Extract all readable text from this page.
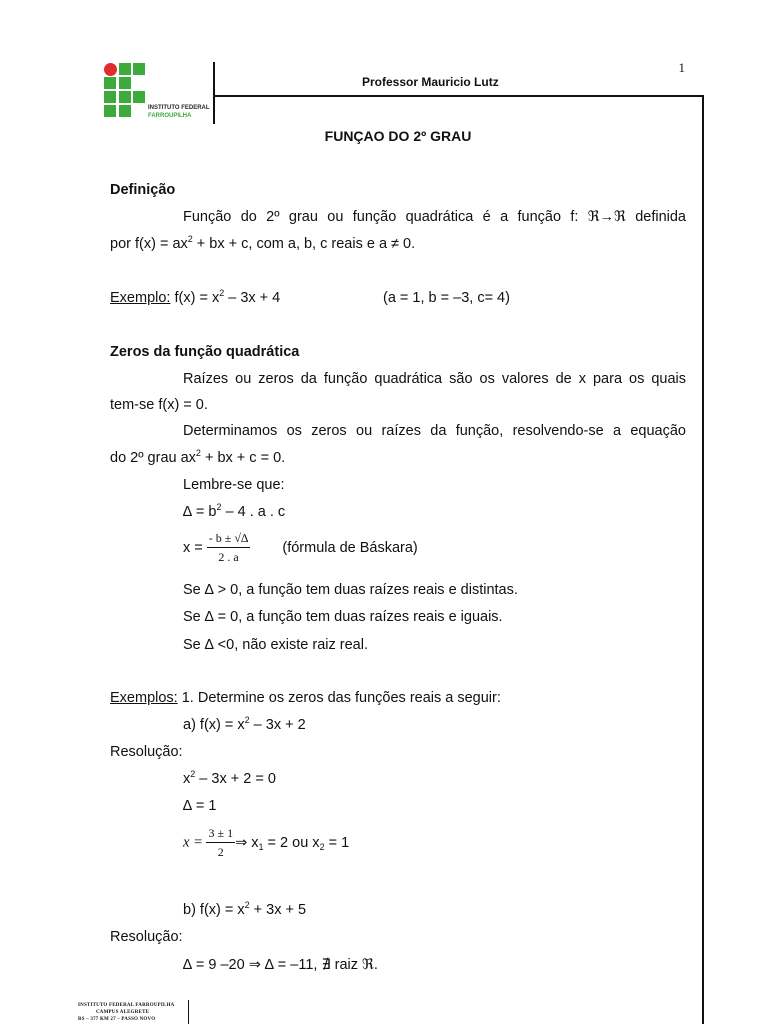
1
INSTITUTO FEDERAL
FARROUPILHA
Professor Mauricio Lutz
FUNÇAO DO 2º GRAU
Definição
Função do 2º grau ou função quadrática é a função f: ℜ→ℜ definida
por $f(x) = ax^2$ + bx + c, com a, b, c reais e a ≠ 0.
Exemplo: $f(x) = x^2 - 3x + 4$	(a = 1, b = –3, c= 4)
Zeros da função quadrática
Raízes ou zeros da função quadrática são os valores de x para os quais
tem-se f(x) = 0.
Determinamos os zeros ou raízes da função, resolvendo-se a equação
do 2º grau $ax^2$ + bx + c = 0.
Lembre-se que:
∆ = $b^2 - 4$ . a . c
$x = \frac{- b \pm √\Delta}{2 . a}$ (fórmula de Báskara)
Se ∆ > 0, a função tem duas raízes reais e distintas.
Se ∆ = 0, a função tem duas raízes reais e iguais.
Se ∆ <0, não existe raiz real.
Exemplos: 1. Determine os zeros das funções reais a seguir:
a) $f(x) = x^2 - 3x + 2$
Resolução:
$x^2 - 3x + 2 = 0$
∆ = 1
$x = \frac{3 \pm 1}{2}$ ⇒ $x_1 = 2$ ou $x_2 = 1$
b) $f(x) = x^2 + 3x + 5$
Resolução:
∆ = 9 –20 ⇒ ∆ = –11, ∄ raiz ℜ.
INSTITUTO FEDERAL FARROUPILHA
CAMPUS ALEGRETE
RS – 377 KM 27 – PASSO NOVO
